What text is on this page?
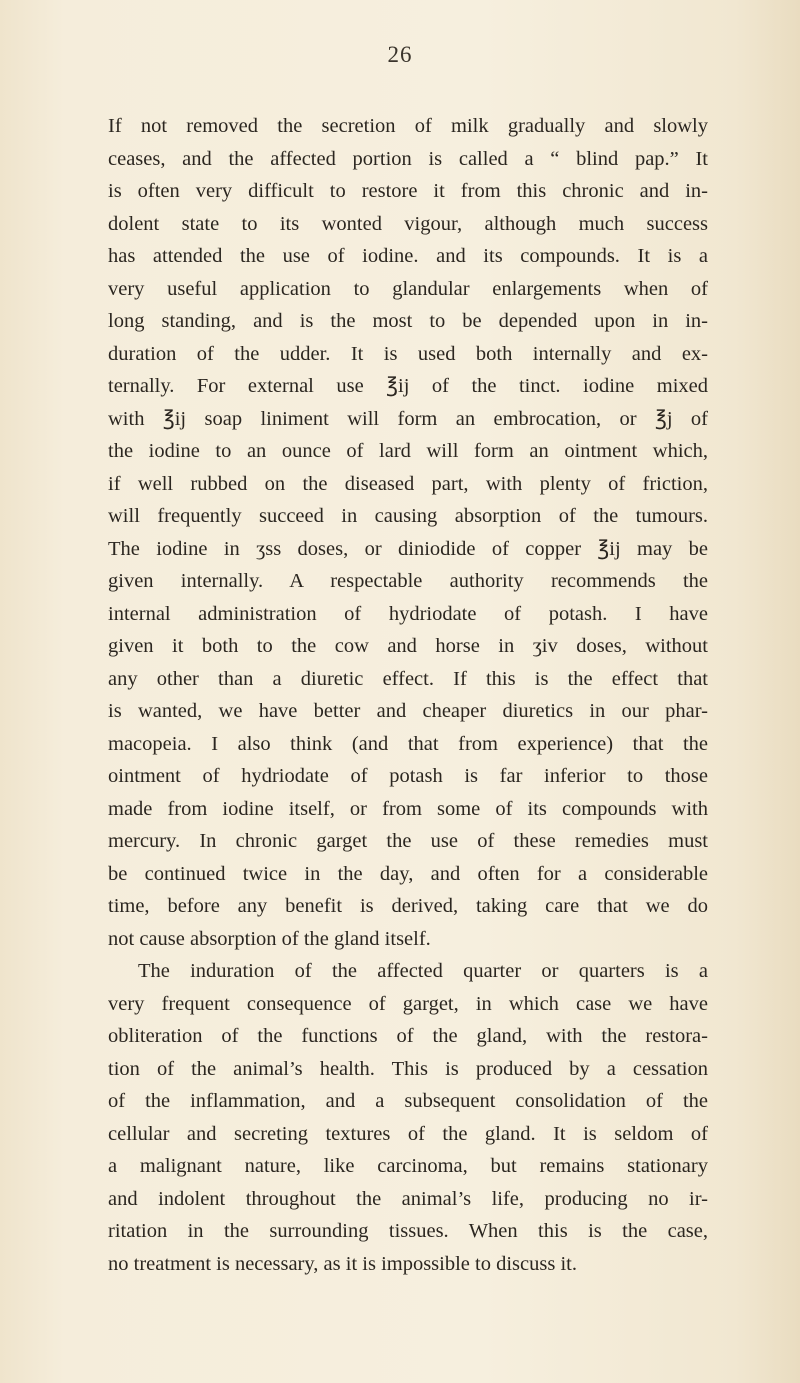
26
If not removed the secretion of milk gradually and slowly
ceases, and the affected portion is called a “ blind pap.” It
is often very difficult to restore it from this chronic and in-
dolent state to its wonted vigour, although much success
has attended the use of iodine. and its compounds. It is a
very useful application to glandular enlargements when of
long standing, and is the most to be depended upon in in-
duration of the udder. It is used both internally and ex-
ternally. For external use ℥ij of the tinct. iodine mixed
with ℥ij soap liniment will form an embrocation, or ℥j of
the iodine to an ounce of lard will form an ointment which,
if well rubbed on the diseased part, with plenty of friction,
will frequently succeed in causing absorption of the tumours.
The iodine in ʒss doses, or diniodide of copper ℥ij may be
given internally. A respectable authority recommends the
internal administration of hydriodate of potash. I have
given it both to the cow and horse in ʒiv doses, without
any other than a diuretic effect. If this is the effect that
is wanted, we have better and cheaper diuretics in our phar-
macopeia. I also think (and that from experience) that the
ointment of hydriodate of potash is far inferior to those
made from iodine itself, or from some of its compounds with
mercury. In chronic garget the use of these remedies must
be continued twice in the day, and often for a considerable
time, before any benefit is derived, taking care that we do
not cause absorption of the gland itself.
The induration of the affected quarter or quarters is a
very frequent consequence of garget, in which case we have
obliteration of the functions of the gland, with the restora-
tion of the animal’s health. This is produced by a cessation
of the inflammation, and a subsequent consolidation of the
cellular and secreting textures of the gland. It is seldom of
a malignant nature, like carcinoma, but remains stationary
and indolent throughout the animal’s life, producing no ir-
ritation in the surrounding tissues. When this is the case,
no treatment is necessary, as it is impossible to discuss it.
